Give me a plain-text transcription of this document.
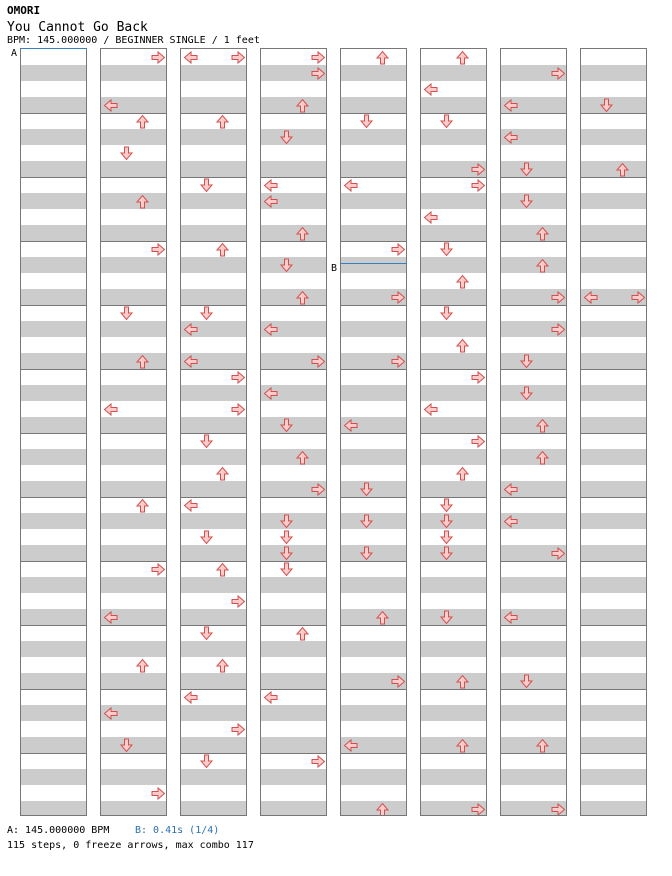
OMORI
You Cannot Go Back
BPM: 145.000000 / BEGINNER SINGLE / 1 feet
A: 145.000000 BPM	B: 0.41s (1/4)
115 steps, 0 freeze arrows, max combo 117
A
B
